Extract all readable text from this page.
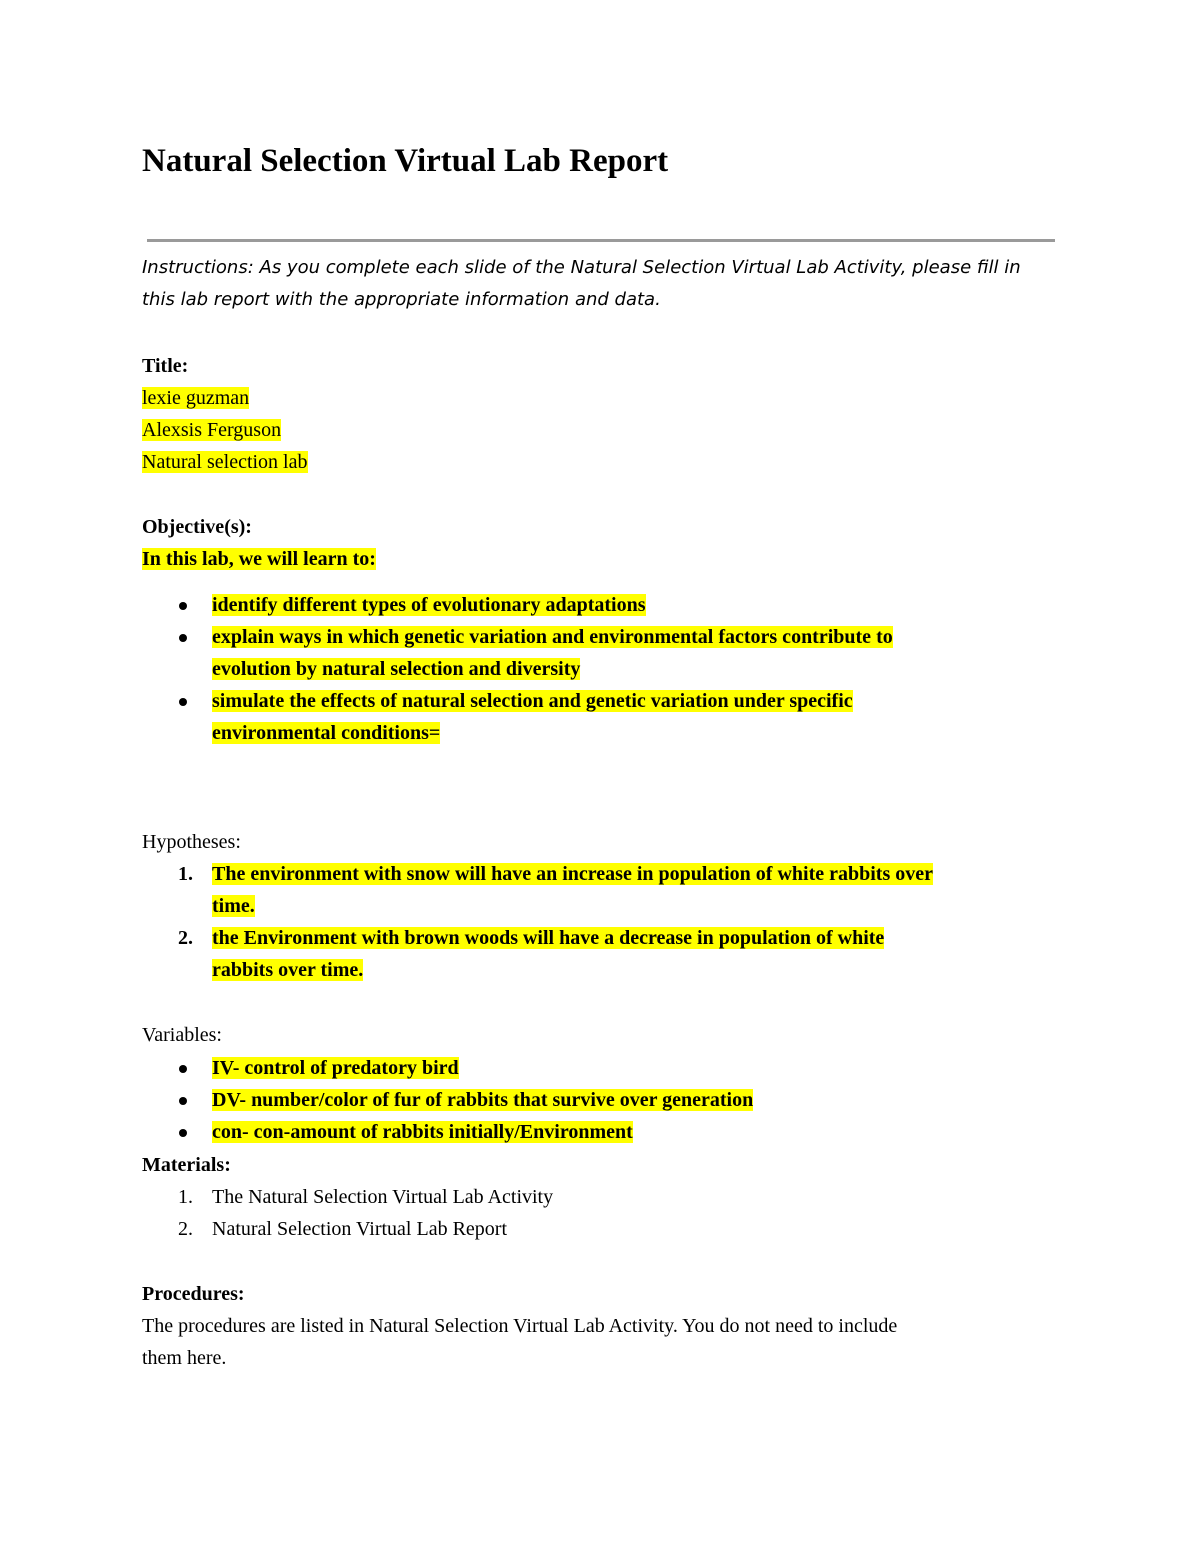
Natural Selection Virtual Lab Report
Instructions: As you complete each slide of the Natural Selection Virtual Lab Activity, please fill in this lab report with the appropriate information and data.
Title:
lexie guzman
Alexsis Ferguson
Natural selection lab
Objective(s):
In this lab, we will learn to:
identify different types of evolutionary adaptations
explain ways in which genetic variation and environmental factors contribute to
evolution by natural selection and diversity
simulate the effects of natural selection and genetic variation under specific
environmental conditions=
Hypotheses:
1. The environment with snow will have an increase in population of white rabbits over
time.
2. the Environment with brown woods will have a decrease in population of white
rabbits over time.
Variables:
IV- control of predatory bird
DV- number/color of fur of rabbits that survive over generation
con- con-amount of rabbits initially/Environment
Materials:
1. The Natural Selection Virtual Lab Activity
2. Natural Selection Virtual Lab Report
Procedures:
The procedures are listed in Natural Selection Virtual Lab Activity. You do not need to include
them here.
